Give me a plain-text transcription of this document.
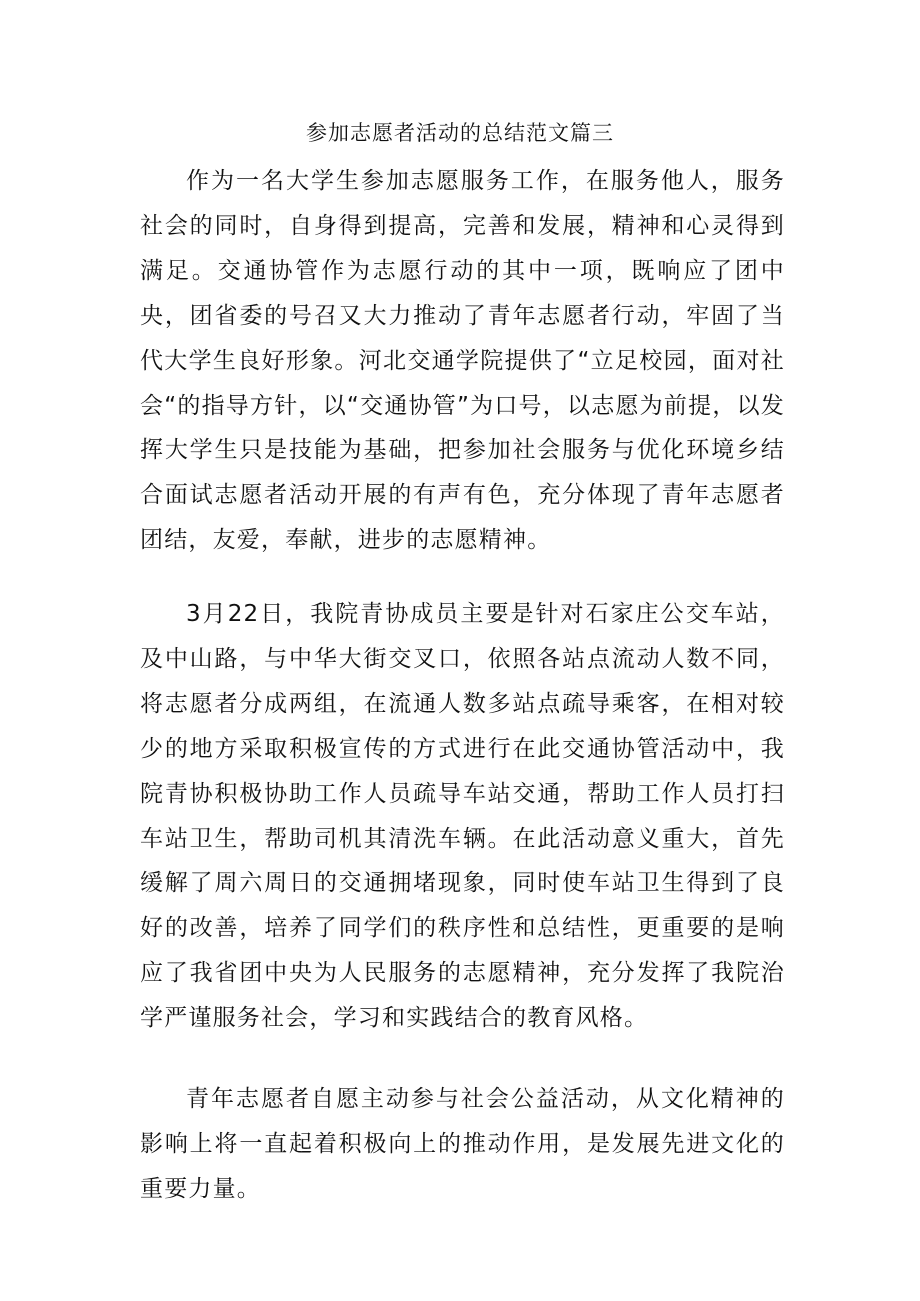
参加志愿者活动的总结范文篇三

作为一名大学生参加志愿服务工作，在服务他人，服务社会的同时，自身得到提高，完善和发展，精神和心灵得到满足。交通协管作为志愿行动的其中一项，既响应了团中央，团省委的号召又大力推动了青年志愿者行动，牢固了当代大学生良好形象。河北交通学院提供了“立足校园，面对社会“的指导方针，以“交通协管”为口号，以志愿为前提，以发挥大学生只是技能为基础，把参加社会服务与优化环境乡结合面试志愿者活动开展的有声有色，充分体现了青年志愿者团结，友爱，奉献，进步的志愿精神。

3月22日，我院青协成员主要是针对石家庄公交车站，及中山路，与中华大街交叉口，依照各站点流动人数不同，将志愿者分成两组，在流通人数多站点疏导乘客，在相对较少的地方采取积极宣传的方式进行在此交通协管活动中，我院青协积极协助工作人员疏导车站交通，帮助工作人员打扫车站卫生，帮助司机其清洗车辆。在此活动意义重大，首先缓解了周六周日的交通拥堵现象，同时使车站卫生得到了良好的改善，培养了同学们的秩序性和总结性，更重要的是响应了我省团中央为人民服务的志愿精神，充分发挥了我院治学严谨服务社会，学习和实践结合的教育风格。

青年志愿者自愿主动参与社会公益活动，从文化精神的影响上将一直起着积极向上的推动作用，是发展先进文化的重要力量。
